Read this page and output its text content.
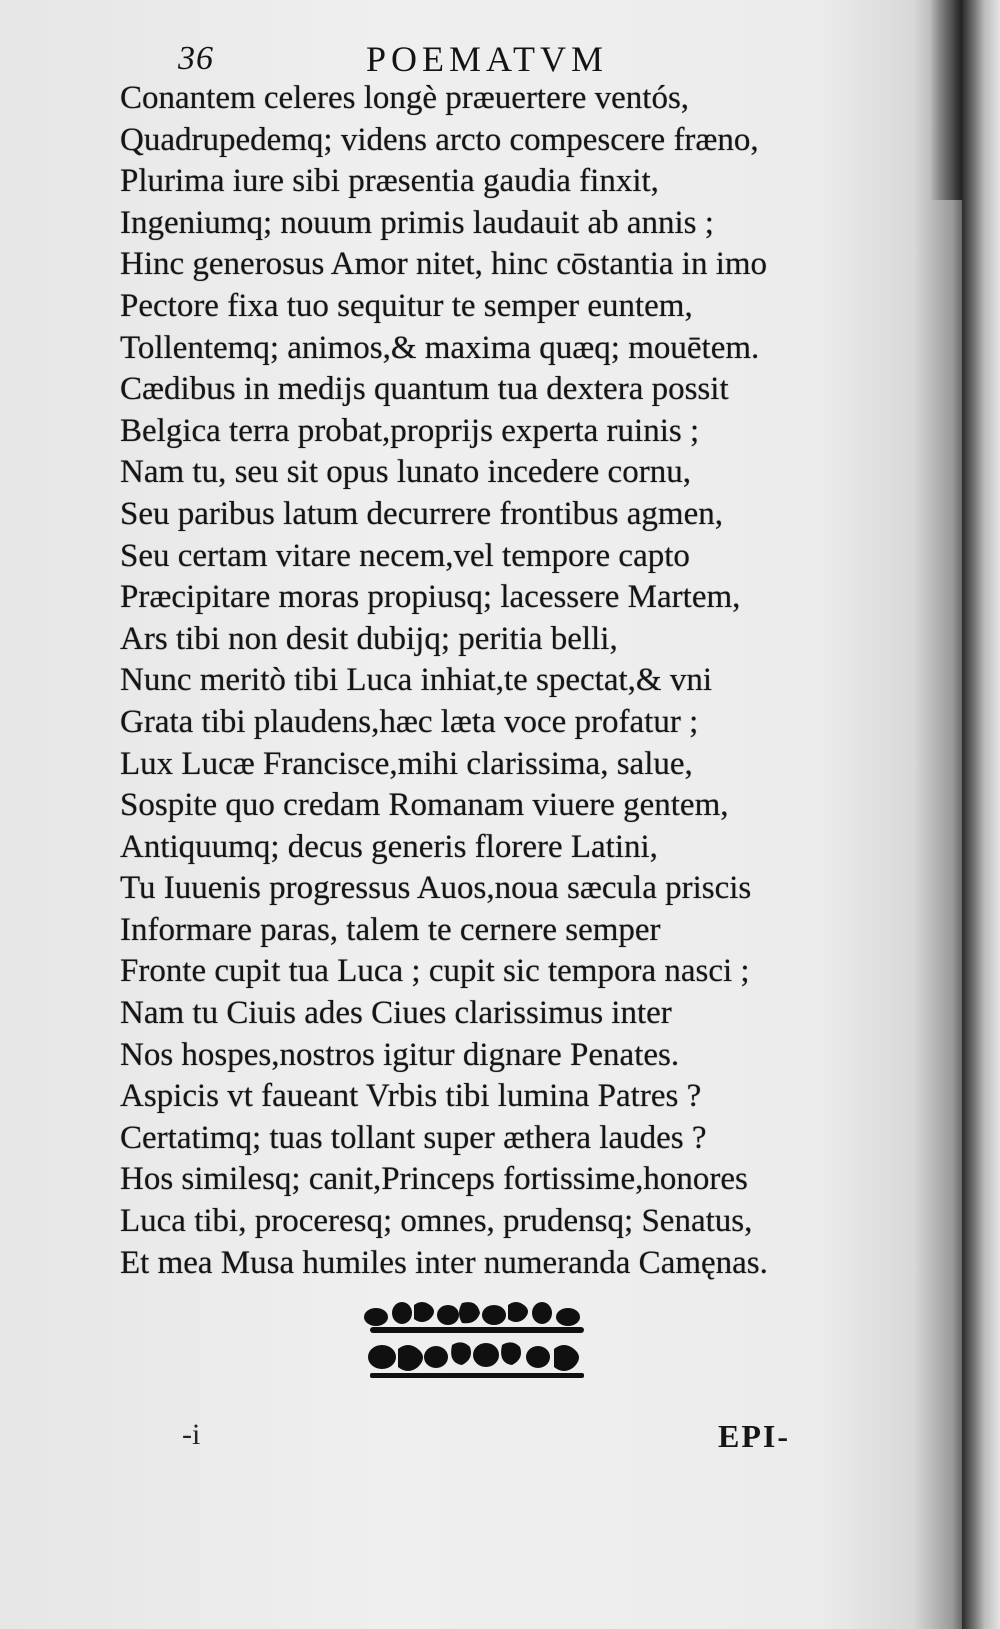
36	POEMATVM
Conantem celeres longè præuertere ventós,
Quadrupedemq; videns arcto compescere fræno,
Plurima iure sibi præsentia gaudia finxit,
Ingeniumq; nouum primis laudauit ab annis ;
Hinc generosus Amor nitet, hinc cōstantia in imo
Pectore fixa tuo sequitur te semper euntem,
Tollentemq; animos,& maxima quæq; mouētem.
Cædibus in medijs quantum tua dextera possit
Belgica terra probat,proprijs experta ruinis ;
Nam tu, seu sit opus lunato incedere cornu,
Seu paribus latum decurrere frontibus agmen,
Seu certam vitare necem,vel tempore capto
Præcipitare moras propiusq; lacessere Martem,
Ars tibi non desit dubijq; peritia belli,
Nunc meritò tibi Luca inhiat,te spectat,& vni
Grata tibi plaudens,hæc læta voce profatur ;
Lux Lucæ Francisce,mihi clarissima, salue,
Sospite quo credam Romanam viuere gentem,
Antiquumq; decus generis florere Latini,
Tu Iuuenis progressus Auos,noua sæcula priscis
Informare paras, talem te cernere semper
Fronte cupit tua Luca ; cupit sic tempora nasci ;
Nam tu Ciuis ades Ciues clarissimus inter
Nos hospes,nostros igitur dignare Penates.
Aspicis vt faueant Vrbis tibi lumina Patres ?
Certatimq; tuas tollant super æthera laudes ?
Hos similesq; canit,Princeps fortissime,honores
Luca tibi, proceresq; omnes, prudensq; Senatus,
Et mea Musa humiles inter numeranda Camęnas.
-i	EPI-
